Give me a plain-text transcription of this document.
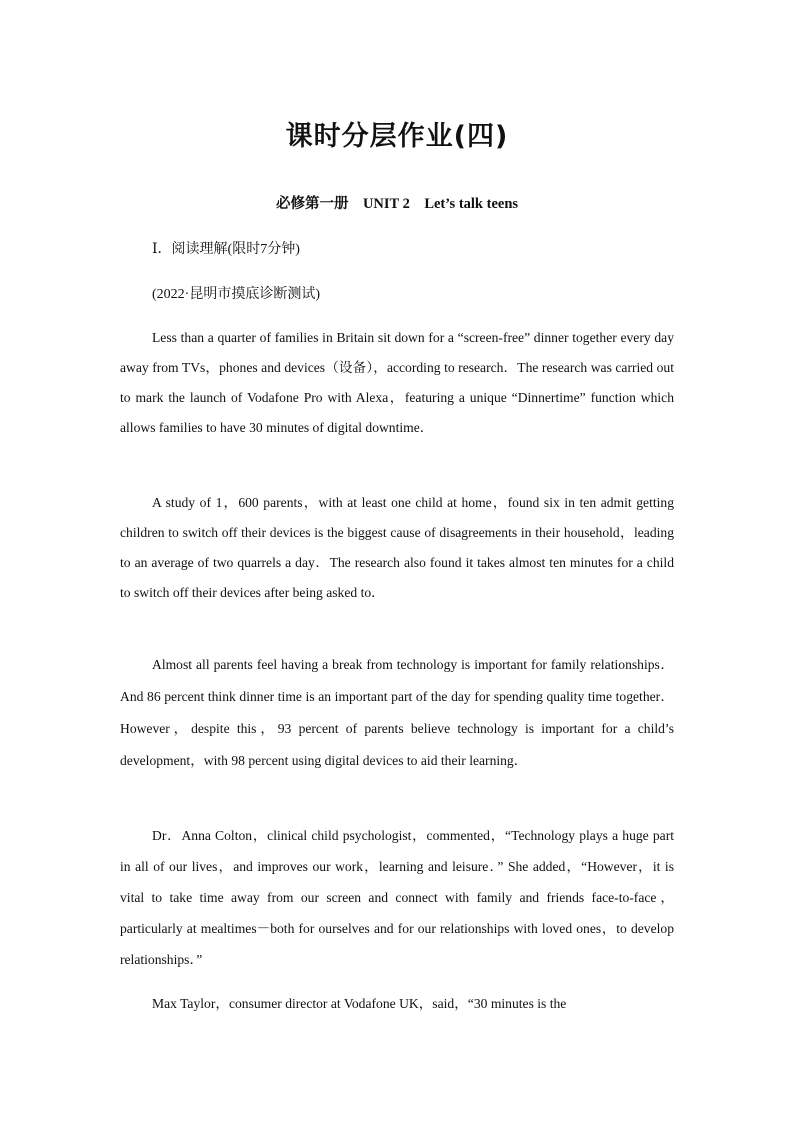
课时分层作业(四)
必修第一册    UNIT 2    Let’s talk teens
Ⅰ．阅读理解(限时7分钟)
(2022·昆明市摸底诊断测试)
Less than a quarter of families in Britain sit down for a “screen-free” dinner together every day away from TVs，phones and devices（设备），according to research．The research was carried out to mark the launch of Vodafone Pro with Alexa，featuring a unique “Dinnertime” function which allows families to have 30 minutes of digital downtime．
A study of 1，600 parents，with at least one child at home，found six in ten admit getting children to switch off their devices is the biggest cause of disagreements in their household，leading to an average of two quarrels a day．The research also found it takes almost ten minutes for a child to switch off their devices after being asked to．
Almost all parents feel having a break from technology is important for family relationships．And 86 percent think dinner time is an important part of the day for spending quality time together．However，despite this，93 percent of parents believe technology is important for a child’s development，with 98 percent using digital devices to aid their learning．
Dr．Anna Colton，clinical child psychologist，commented，“Technology plays a huge part in all of our lives，and improves our work，learning and leisure．” She added，“However，it is vital to take time away from our screen and connect with family and friends face-to-face，particularly at mealtimes－both for ourselves and for our relationships with loved ones，to develop relationships．”
Max Taylor，consumer director at Vodafone UK，said，“30 minutes is the
